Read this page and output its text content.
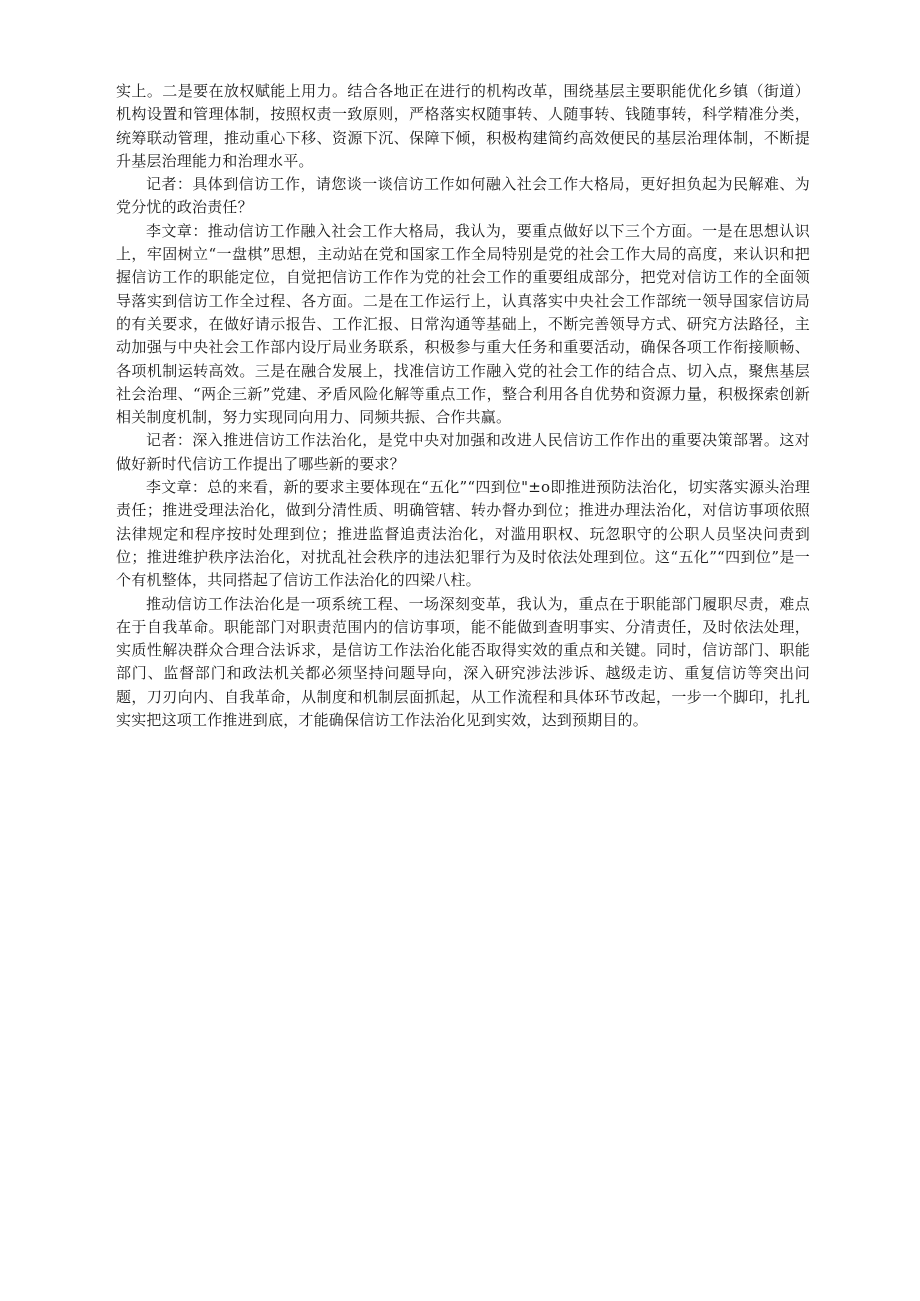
实上。二是要在放权赋能上用力。结合各地正在进行的机构改革，围绕基层主要职能优化乡镇（街道）机构设置和管理体制，按照权责一致原则，严格落实权随事转、人随事转、钱随事转，科学精准分类，统筹联动管理，推动重心下移、资源下沉、保障下倾，积极构建简约高效便民的基层治理体制，不断提升基层治理能力和治理水平。

记者：具体到信访工作，请您谈一谈信访工作如何融入社会工作大格局，更好担负起为民解难、为党分忧的政治责任？

李文章：推动信访工作融入社会工作大格局，我认为，要重点做好以下三个方面。一是在思想认识上，牢固树立“一盘棋”思想，主动站在党和国家工作全局特别是党的社会工作大局的高度，来认识和把握信访工作的职能定位，自觉把信访工作作为党的社会工作的重要组成部分，把党对信访工作的全面领导落实到信访工作全过程、各方面。二是在工作运行上，认真落实中央社会工作部统一领导国家信访局的有关要求，在做好请示报告、工作汇报、日常沟通等基础上，不断完善领导方式、研究方法路径，主动加强与中央社会工作部内设厅局业务联系，积极参与重大任务和重要活动，确保各项工作衔接顺畅、各项机制运转高效。三是在融合发展上，找准信访工作融入党的社会工作的结合点、切入点，聚焦基层社会治理、“两企三新”党建、矛盾风险化解等重点工作，整合利用各自优势和资源力量，积极探索创新相关制度机制，努力实现同向用力、同频共振、合作共赢。

记者：深入推进信访工作法治化，是党中央对加强和改进人民信访工作作出的重要决策部署。这对做好新时代信访工作提出了哪些新的要求？

李文章：总的来看，新的要求主要体现在“五化”“四到位"±o即推进预防法治化，切实落实源头治理责任；推进受理法治化，做到分清性质、明确管辖、转办督办到位；推进办理法治化，对信访事项依照法律规定和程序按时处理到位；推进监督追责法治化，对滥用职权、玩忽职守的公职人员坚决问责到位；推进维护秩序法治化，对扰乱社会秩序的违法犯罪行为及时依法处理到位。这“五化”“四到位”是一个有机整体，共同搭起了信访工作法治化的四梁八柱。

推动信访工作法治化是一项系统工程、一场深刻变革，我认为，重点在于职能部门履职尽责，难点在于自我革命。职能部门对职责范围内的信访事项，能不能做到查明事实、分清责任，及时依法处理，实质性解决群众合理合法诉求，是信访工作法治化能否取得实效的重点和关键。同时，信访部门、职能部门、监督部门和政法机关都必须坚持问题导向，深入研究涉法涉诉、越级走访、重复信访等突出问题，刀刃向内、自我革命，从制度和机制层面抓起，从工作流程和具体环节改起，一步一个脚印，扎扎实实把这项工作推进到底，才能确保信访工作法治化见到实效，达到预期目的。
